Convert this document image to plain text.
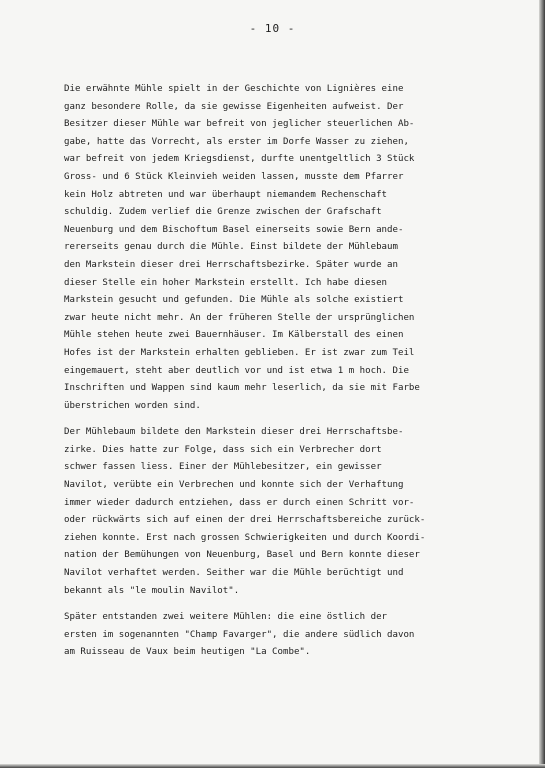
- 10 -
Die erwähnte Mühle spielt in der Geschichte von Lignières eine
ganz besondere Rolle, da sie gewisse Eigenheiten aufweist. Der
Besitzer dieser Mühle war befreit von jeglicher steuerlichen Ab-
gabe, hatte das Vorrecht, als erster im Dorfe Wasser zu ziehen,
war befreit von jedem Kriegsdienst, durfte unentgeltlich 3 Stück
Gross- und 6 Stück Kleinvieh weiden lassen, musste dem Pfarrer
kein Holz abtreten und war überhaupt niemandem Rechenschaft
schuldig. Zudem verlief die Grenze zwischen der Grafschaft
Neuenburg und dem Bischoftum Basel einerseits sowie Bern ande-
rererseits genau durch die Mühle. Einst bildete der Mühlebaum
den Markstein dieser drei Herrschaftsbezirke. Später wurde an
dieser Stelle ein hoher Markstein erstellt. Ich habe diesen
Markstein gesucht und gefunden. Die Mühle als solche existiert
zwar heute nicht mehr. An der früheren Stelle der ursprünglichen
Mühle stehen heute zwei Bauernhäuser. Im Kälberstall des einen
Hofes ist der Markstein erhalten geblieben. Er ist zwar zum Teil
eingemauert, steht aber deutlich vor und ist etwa 1 m hoch. Die
Inschriften und Wappen sind kaum mehr leserlich, da sie mit Farbe
überstrichen worden sind.
Der Mühlebaum bildete den Markstein dieser drei Herrschaftsbe-
zirke. Dies hatte zur Folge, dass sich ein Verbrecher dort
schwer fassen liess. Einer der Mühlebesitzer, ein gewisser
Navilot, verübte ein Verbrechen und konnte sich der Verhaftung
immer wieder dadurch entziehen, dass er durch einen Schritt vor-
oder rückwärts sich auf einen der drei Herrschaftsbereiche zurück-
ziehen konnte. Erst nach grossen Schwierigkeiten und durch Koordi-
nation der Bemühungen von Neuenburg, Basel und Bern konnte dieser
Navilot verhaftet werden. Seither war die Mühle berüchtigt und
bekannt als "le moulin Navilot".
Später entstanden zwei weitere Mühlen: die eine östlich der
ersten im sogenannten "Champ Favarger", die andere südlich davon
am Ruisseau de Vaux beim heutigen "La Combe".
